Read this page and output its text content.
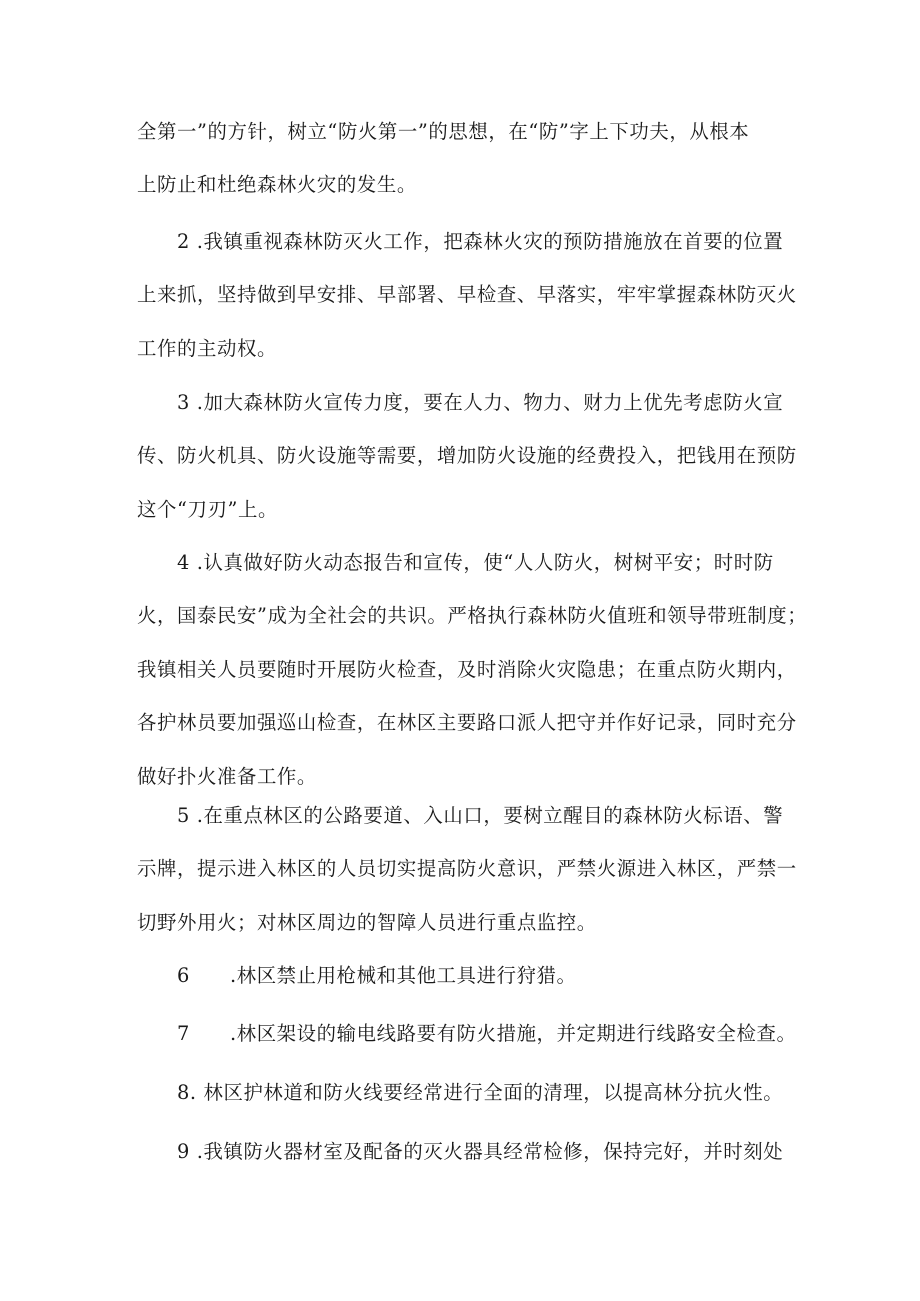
全第一”的方针，树立“防火第一”的思想，在“防”字上下功夫，从根本
上防止和杜绝森林火灾的发生。

2 .我镇重视森林防灭火工作，把森林火灾的预防措施放在首要的位置
上来抓，坚持做到早安排、早部署、早检查、早落实，牢牢掌握森林防灭火
工作的主动权。

3 .加大森林防火宣传力度，要在人力、物力、财力上优先考虑防火宣
传、防火机具、防火设施等需要，增加防火设施的经费投入，把钱用在预防
这个“刀刃”上。

4 .认真做好防火动态报告和宣传，使“人人防火，树树平安；时时防
火，国泰民安”成为全社会的共识。严格执行森林防火值班和领导带班制度；
我镇相关人员要随时开展防火检查，及时消除火灾隐患；在重点防火期内，
各护林员要加强巡山检查，在林区主要路口派人把守并作好记录，同时充分
做好扑火准备工作。

5 .在重点林区的公路要道、入山口，要树立醒目的森林防火标语、警
示牌，提示进入林区的人员切实提高防火意识，严禁火源进入林区，严禁一
切野外用火；对林区周边的智障人员进行重点监控。

6 .林区禁止用枪械和其他工具进行狩猎。

7 .林区架设的输电线路要有防火措施，并定期进行线路安全检查。

8. 林区护林道和防火线要经常进行全面的清理，以提高林分抗火性。

9 .我镇防火器材室及配备的灭火器具经常检修，保持完好，并时刻处
